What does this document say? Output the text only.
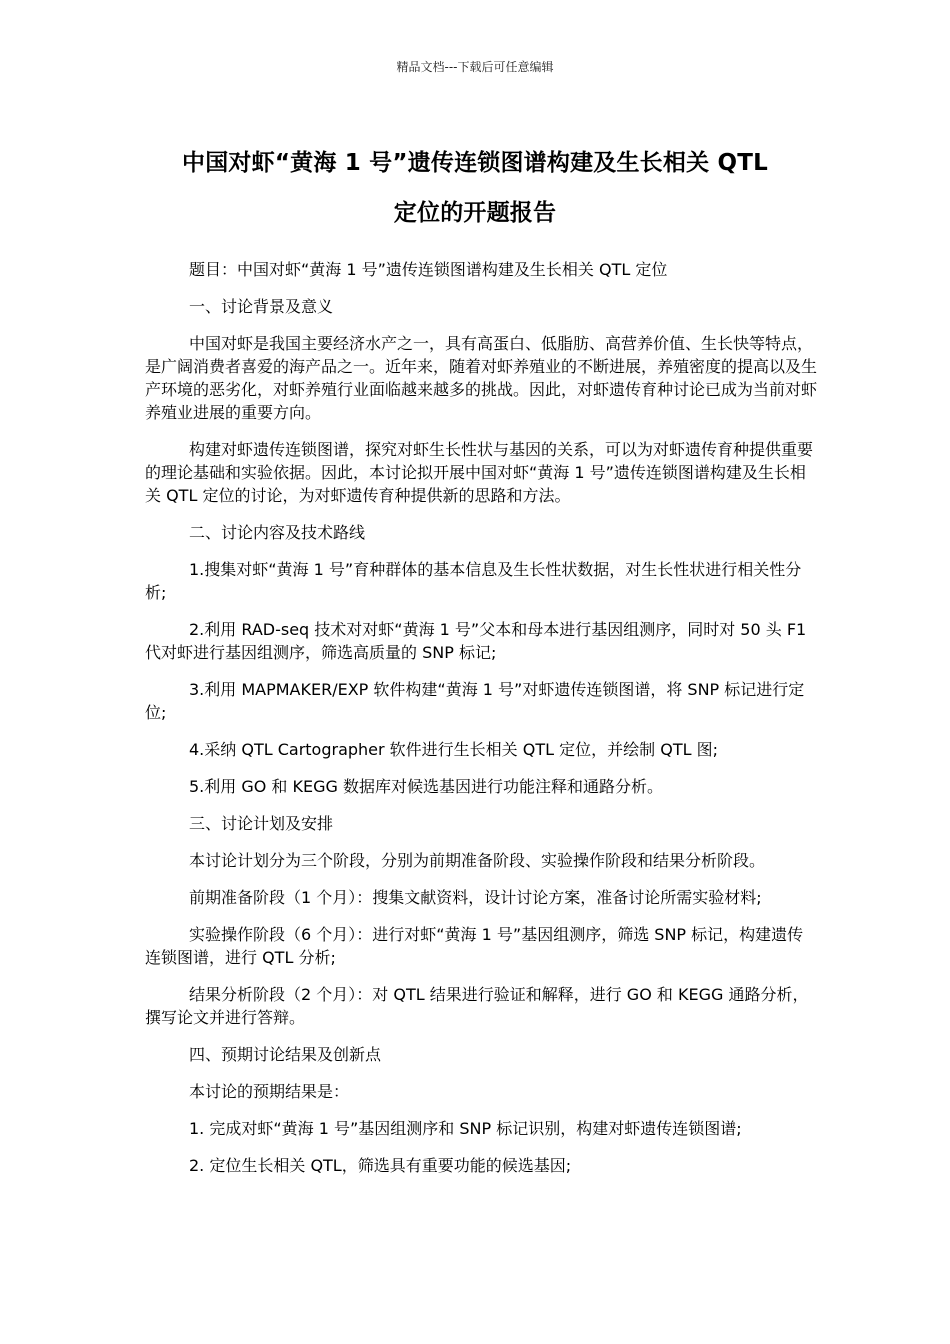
精品文档---下载后可任意编辑
中国对虾“黄海 1 号”遗传连锁图谱构建及生长相关 QTL
定位的开题报告

题目：中国对虾“黄海 1 号”遗传连锁图谱构建及生长相关 QTL 定位

一、讨论背景及意义

中国对虾是我国主要经济水产之一，具有高蛋白、低脂肪、高营养价值、生长快等特点，是广阔消费者喜爱的海产品之一。近年来，随着对虾养殖业的不断进展，养殖密度的提高以及生产环境的恶劣化，对虾养殖行业面临越来越多的挑战。因此，对虾遗传育种讨论已成为当前对虾养殖业进展的重要方向。

构建对虾遗传连锁图谱，探究对虾生长性状与基因的关系，可以为对虾遗传育种提供重要的理论基础和实验依据。因此，本讨论拟开展中国对虾“黄海 1 号”遗传连锁图谱构建及生长相关 QTL 定位的讨论，为对虾遗传育种提供新的思路和方法。

二、讨论内容及技术路线

1.搜集对虾“黄海 1 号”育种群体的基本信息及生长性状数据，对生长性状进行相关性分析;

2.利用 RAD-seq 技术对对虾“黄海 1 号”父本和母本进行基因组测序，同时对 50 头 F1 代对虾进行基因组测序，筛选高质量的 SNP 标记;

3.利用 MAPMAKER/EXP 软件构建“黄海 1 号”对虾遗传连锁图谱，将 SNP 标记进行定位;

4.采纳 QTL Cartographer 软件进行生长相关 QTL 定位，并绘制 QTL 图;

5.利用 GO 和 KEGG 数据库对候选基因进行功能注释和通路分析。

三、讨论计划及安排

本讨论计划分为三个阶段，分别为前期准备阶段、实验操作阶段和结果分析阶段。

前期准备阶段（1 个月）：搜集文献资料，设计讨论方案，准备讨论所需实验材料;

实验操作阶段（6 个月）：进行对虾“黄海 1 号”基因组测序，筛选 SNP 标记，构建遗传连锁图谱，进行 QTL 分析;

结果分析阶段（2 个月）：对 QTL 结果进行验证和解释，进行 GO 和 KEGG 通路分析，撰写论文并进行答辩。

四、预期讨论结果及创新点

本讨论的预期结果是：

1. 完成对虾“黄海 1 号”基因组测序和 SNP 标记识别，构建对虾遗传连锁图谱;

2. 定位生长相关 QTL，筛选具有重要功能的候选基因;
